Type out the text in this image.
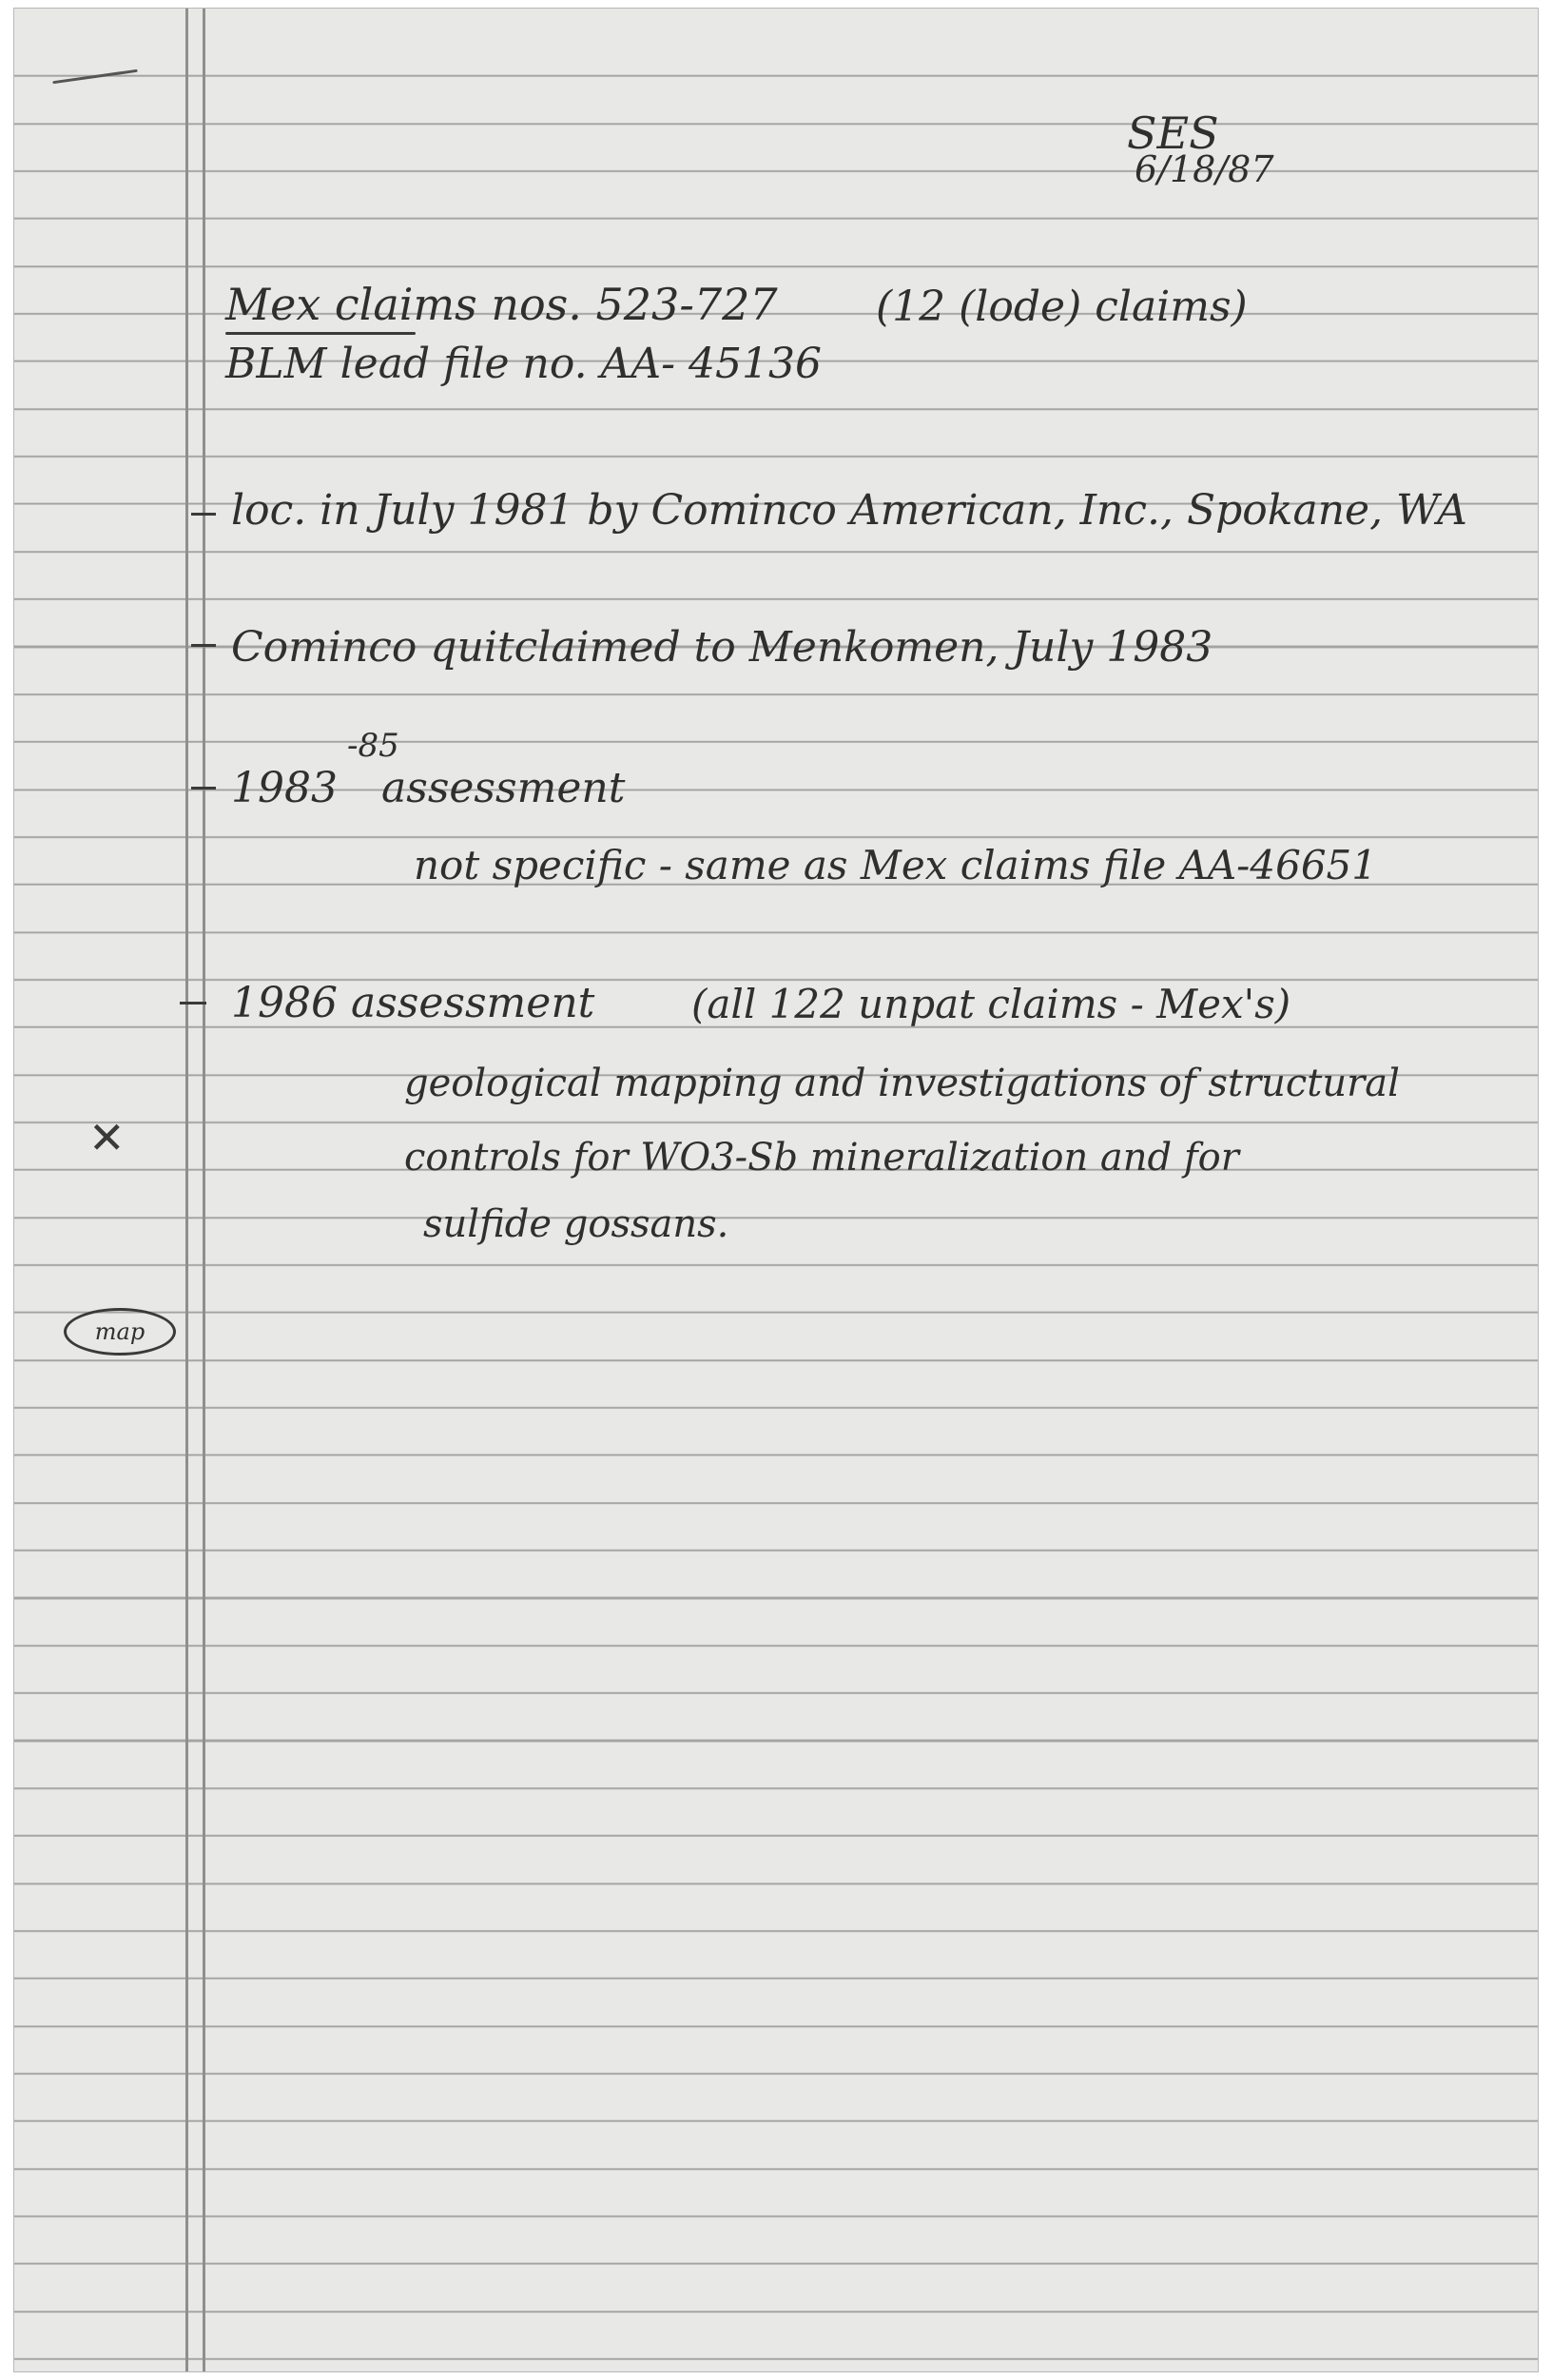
SES
6/18/87
Mex claims nos. 523-727 (12 (lode) claims)
BLM lead file no. AA- 45136
loc. in July 1981 by Cominco American, Inc., Spokane, WA
Cominco quitclaimed to Menkomen, July 1983
1983
-85
assessment
not specific - same as Mex claims file AA-46651
1986 assessment (all 122 unpat claims - Mex's)
geological mapping and investigations of structural
controls for WO3-Sb mineralization and for
sulfide gossans.
✕
map
